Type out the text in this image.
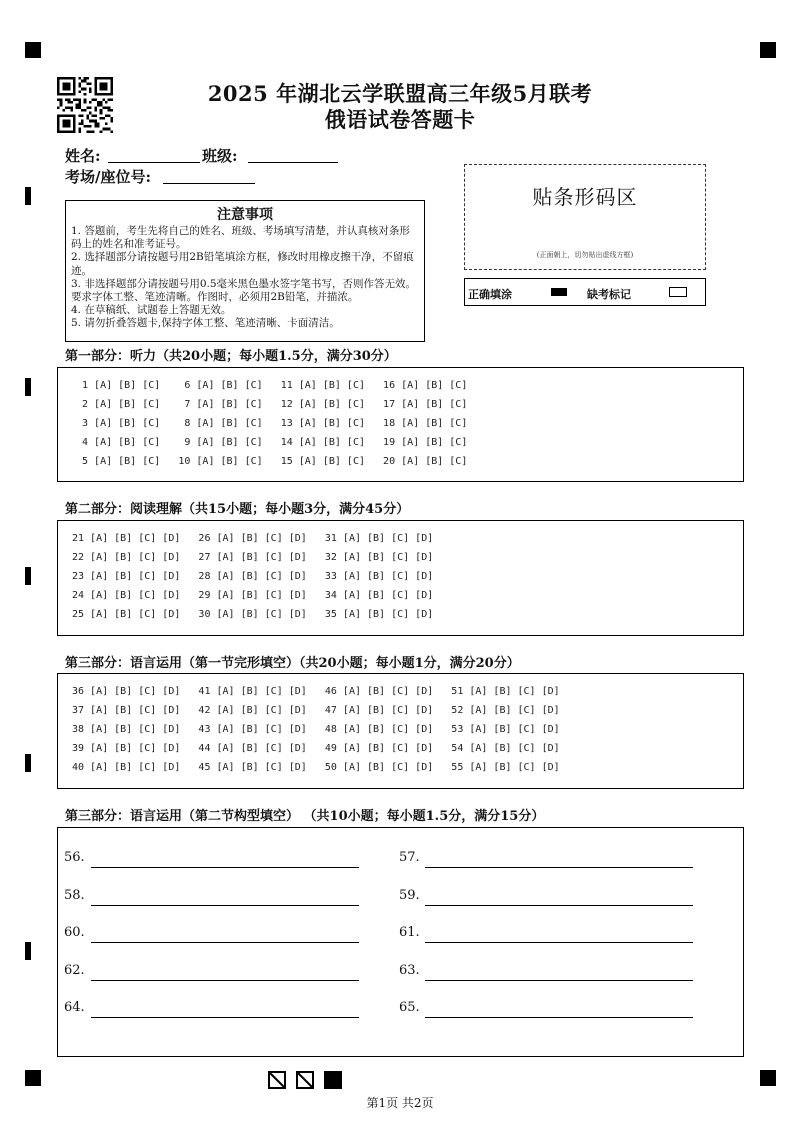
2025 年湖北云学联盟高三年级5月联考
俄语试卷答题卡
姓名:	班级:
考场/座位号:
注意事项
1. 答题前，考生先将自己的姓名、班级、考场填写清楚，并认真核对条形码上的姓名和准考证号。
2. 选择题部分请按题号用2B铅笔填涂方框，修改时用橡皮擦干净，不留痕迹。
3. 非选择题部分请按题号用0.5毫米黑色墨水签字笔书写，否则作答无效。要求字体工整、笔迹清晰。作图时，必须用2B铅笔，并描浓。
4. 在草稿纸、试题卷上答题无效。
5. 请勿折叠答题卡,保持字体工整、笔迹清晰、卡面清洁。
贴条形码区
(正面朝上，切勿贴出虚线方框)
正确填涂	缺考标记
第一部分：听力（共20小题；每小题1.5分，满分30分）
1 [A] [B] [C]    6 [A] [B] [C]   11 [A] [B] [C]   16 [A] [B] [C]
2 [A] [B] [C]    7 [A] [B] [C]   12 [A] [B] [C]   17 [A] [B] [C]
3 [A] [B] [C]    8 [A] [B] [C]   13 [A] [B] [C]   18 [A] [B] [C]
4 [A] [B] [C]    9 [A] [B] [C]   14 [A] [B] [C]   19 [A] [B] [C]
5 [A] [B] [C]   10 [A] [B] [C]   15 [A] [B] [C]   20 [A] [B] [C]
第二部分：阅读理解（共15小题；每小题3分，满分45分）
21 [A] [B] [C] [D]   26 [A] [B] [C] [D]   31 [A] [B] [C] [D]
22 [A] [B] [C] [D]   27 [A] [B] [C] [D]   32 [A] [B] [C] [D]
23 [A] [B] [C] [D]   28 [A] [B] [C] [D]   33 [A] [B] [C] [D]
24 [A] [B] [C] [D]   29 [A] [B] [C] [D]   34 [A] [B] [C] [D]
25 [A] [B] [C] [D]   30 [A] [B] [C] [D]   35 [A] [B] [C] [D]
第三部分：语言运用（第一节完形填空）（共20小题；每小题1分，满分20分）
36 [A] [B] [C] [D]   41 [A] [B] [C] [D]   46 [A] [B] [C] [D]   51 [A] [B] [C] [D]
37 [A] [B] [C] [D]   42 [A] [B] [C] [D]   47 [A] [B] [C] [D]   52 [A] [B] [C] [D]
38 [A] [B] [C] [D]   43 [A] [B] [C] [D]   48 [A] [B] [C] [D]   53 [A] [B] [C] [D]
39 [A] [B] [C] [D]   44 [A] [B] [C] [D]   49 [A] [B] [C] [D]   54 [A] [B] [C] [D]
40 [A] [B] [C] [D]   45 [A] [B] [C] [D]   50 [A] [B] [C] [D]   55 [A] [B] [C] [D]
第三部分：语言运用（第二节构型填空） （共10小题；每小题1.5分，满分15分）
56.	57.
58.	59.
60.	61.
62.	63.
64.	65.
第1页 共2页
